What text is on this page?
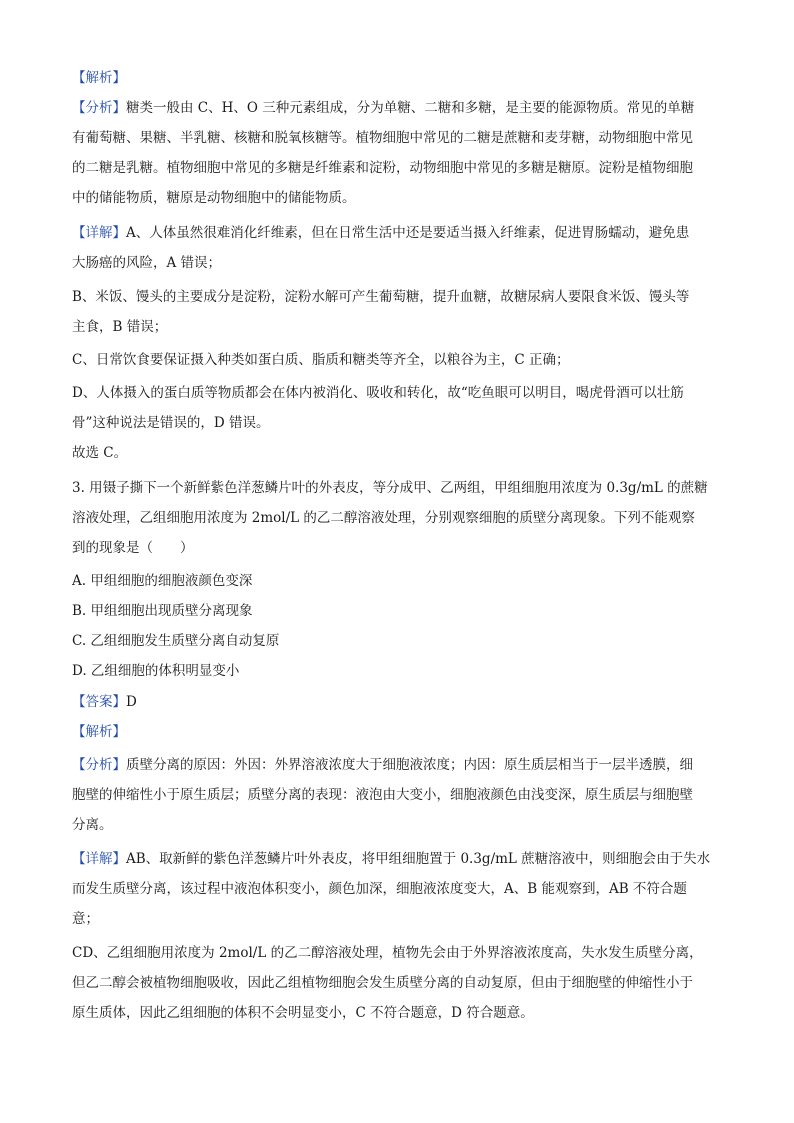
【解析】
【分析】糖类一般由 C、H、O 三种元素组成，分为单糖、二糖和多糖，是主要的能源物质。常见的单糖
有葡萄糖、果糖、半乳糖、核糖和脱氧核糖等。植物细胞中常见的二糖是蔗糖和麦芽糖，动物细胞中常见
的二糖是乳糖。植物细胞中常见的多糖是纤维素和淀粉，动物细胞中常见的多糖是糖原。淀粉是植物细胞
中的储能物质，糖原是动物细胞中的储能物质。
【详解】A、人体虽然很难消化纤维素，但在日常生活中还是要适当摄入纤维素，促进胃肠蠕动，避免患
大肠癌的风险，A 错误；
B、米饭、馒头的主要成分是淀粉，淀粉水解可产生葡萄糖，提升血糖，故糖尿病人要限食米饭、馒头等
主食，B 错误；
C、日常饮食要保证摄入种类如蛋白质、脂质和糖类等齐全，以粮谷为主，C 正确；
D、人体摄入的蛋白质等物质都会在体内被消化、吸收和转化，故“吃鱼眼可以明目，喝虎骨酒可以壮筋
骨”这种说法是错误的，D 错误。
故选 C。
3. 用镊子撕下一个新鲜紫色洋葱鳞片叶的外表皮，等分成甲、乙两组，甲组细胞用浓度为 0.3g/mL 的蔗糖
溶液处理，乙组细胞用浓度为 2mol/L 的乙二醇溶液处理，分别观察细胞的质壁分离现象。下列不能观察
到的现象是（　　）
A. 甲组细胞的细胞液颜色变深
B. 甲组细胞出现质壁分离现象
C. 乙组细胞发生质壁分离自动复原
D. 乙组细胞的体积明显变小
【答案】D
【解析】
【分析】质壁分离的原因：外因：外界溶液浓度大于细胞液浓度；内因：原生质层相当于一层半透膜，细
胞壁的伸缩性小于原生质层；质壁分离的表现：液泡由大变小，细胞液颜色由浅变深，原生质层与细胞壁
分离。
【详解】AB、取新鲜的紫色洋葱鳞片叶外表皮，将甲组细胞置于 0.3g/mL 蔗糖溶液中，则细胞会由于失水
而发生质壁分离，该过程中液泡体积变小，颜色加深，细胞液浓度变大，A、B 能观察到，AB 不符合题
意；
CD、乙组细胞用浓度为 2mol/L 的乙二醇溶液处理，植物先会由于外界溶液浓度高，失水发生质壁分离，
但乙二醇会被植物细胞吸收，因此乙组植物细胞会发生质壁分离的自动复原，但由于细胞壁的伸缩性小于
原生质体，因此乙组细胞的体积不会明显变小，C 不符合题意，D 符合题意。
